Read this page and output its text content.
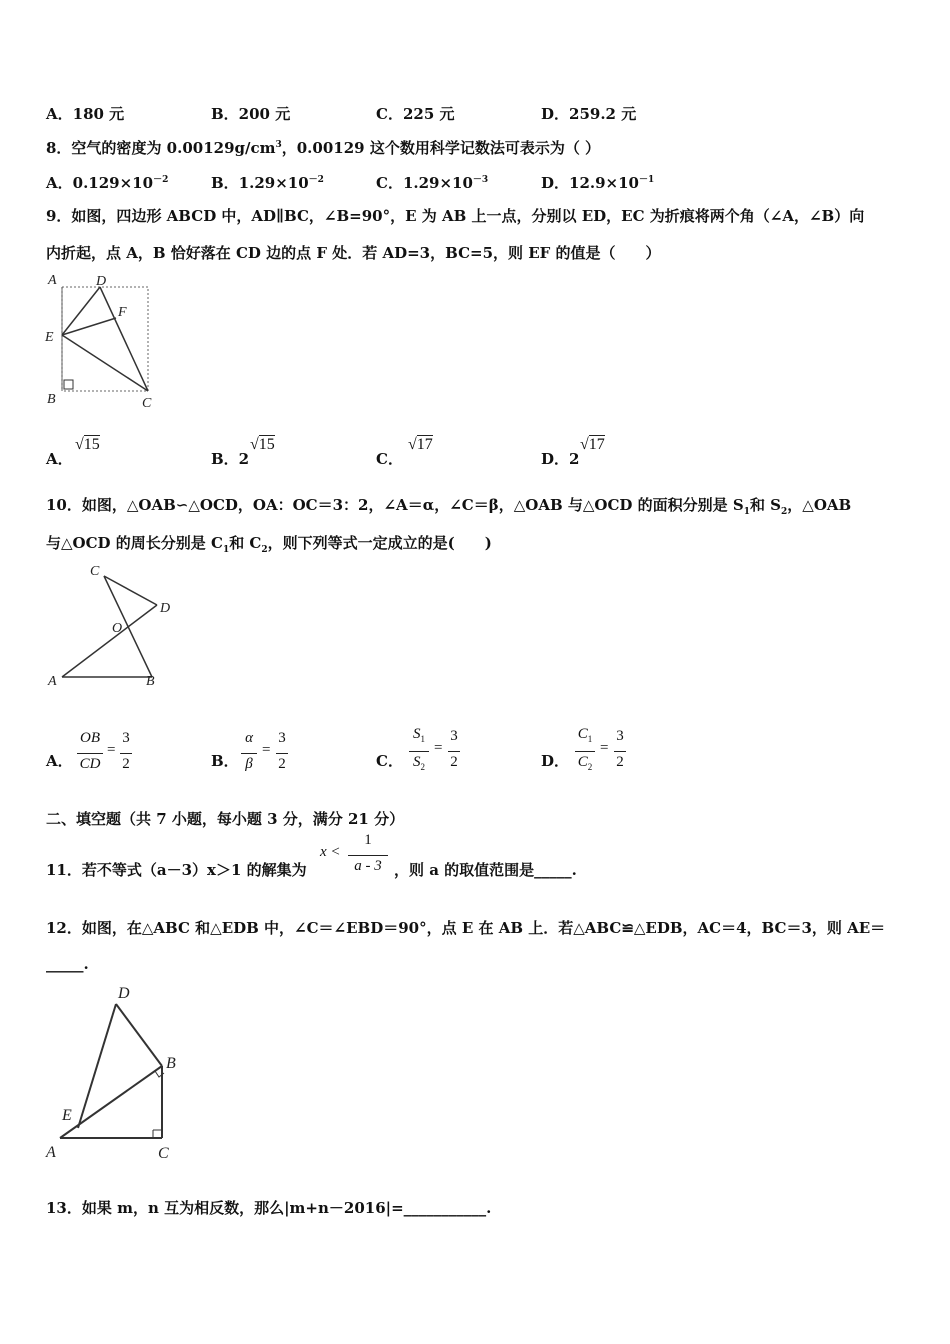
A．180 元	B．200 元	C．225 元	D．259.2 元
8．空气的密度为 $0.00129g/cm^3$，0.00129 这个数用科学记数法可表示为（ ）
A．$0.129\times 10^{-2}$	B．$1.29\times 10^{-2}$	C．$1.29\times 10^{-3}$	D．$12.9\times 10^{-1}$
9．如图，四边形 ABCD 中，AD∥BC，∠B=90°，E 为 AB 上一点，分别以 ED，EC 为折痕将两个角（∠A，∠B）向
内折起，点 A，B 恰好落在 CD 边的点 F 处．若 AD=3，BC=5，则 EF 的值是（　　）
A	D
F
E
B	C
A．
√15
B．2
√15
C．
√17
D．2
√17
10．如图，△OAB∽△OCD，OA：OC＝3：2，∠A＝α，∠C＝β，△OAB 与△OCD 的面积分别是 $S_1$和 $S_2$，△OAB
与△OCD 的周长分别是 $C_1$和 $C_2$，则下列等式一定成立的是(　　)
C
D
O
A	B
A．
OB
CD
=
3
2	B．
α
β
=
3
2	C．
$S_1$
$S_2$
=
3
2	D．
$C_1$
$C_2$
=
3
2
二、填空题（共 7 小题，每小题 3 分，满分 21 分）
11．若不等式（a－3）x＞1 的解集为
x <
1
a - 3 ，则 a 的取值范围是_____.
12．如图，在△ABC 和△EDB 中，∠C＝∠EBD＝90°，点 E 在 AB 上．若△ABC≌△EDB，AC＝4，BC＝3，则 AE＝
_____.
D
B
E
A	C
13．如果 m，n 互为相反数，那么|m+n－2016|=___________.
